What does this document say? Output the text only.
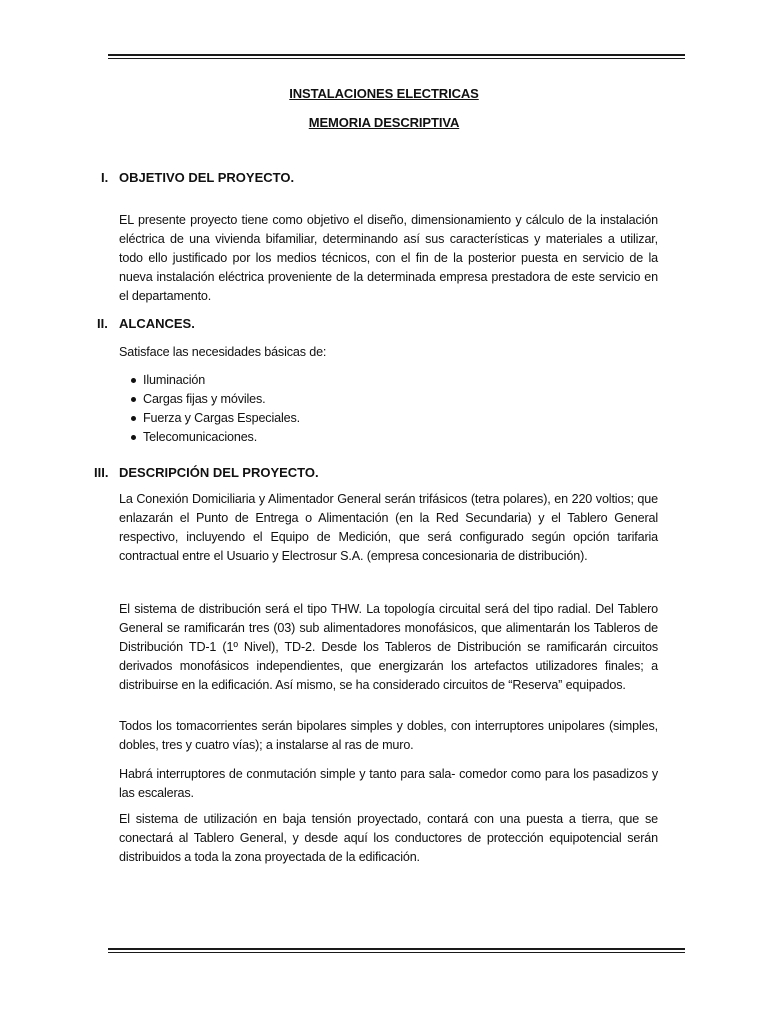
INSTALACIONES ELECTRICAS
MEMORIA DESCRIPTIVA
I. OBJETIVO DEL PROYECTO.
EL presente proyecto tiene como objetivo el diseño, dimensionamiento y cálculo de la instalación eléctrica de una vivienda bifamiliar, determinando así sus características y materiales a utilizar, todo ello justificado por los medios técnicos, con el fin de la posterior puesta en servicio de la nueva instalación eléctrica proveniente de la determinada empresa prestadora de este servicio en el departamento.
II. ALCANCES.
Satisface las necesidades básicas de:
Iluminación
Cargas fijas y móviles.
Fuerza y Cargas Especiales.
Telecomunicaciones.
III. DESCRIPCIÓN DEL PROYECTO.
La Conexión Domiciliaria y Alimentador General serán trifásicos (tetra polares), en 220 voltios; que enlazarán el Punto de Entrega o Alimentación (en la Red Secundaria) y el Tablero General respectivo, incluyendo el Equipo de Medición, que será configurado según opción tarifaria contractual entre el Usuario y Electrosur S.A. (empresa concesionaria de distribución).
El sistema de distribución será el tipo THW. La topología circuital será del tipo radial. Del Tablero General se ramificarán tres (03) sub alimentadores monofásicos, que alimentarán los Tableros de Distribución TD-1 (1º Nivel), TD-2. Desde los Tableros de Distribución se ramificarán circuitos derivados monofásicos independientes, que energizarán los artefactos utilizadores finales; a distribuirse en la edificación. Así mismo, se ha considerado circuitos de “Reserva” equipados.
Todos los tomacorrientes serán bipolares simples y dobles, con interruptores unipolares (simples, dobles, tres y cuatro vías); a instalarse al ras de muro.
Habrá interruptores de conmutación simple y tanto para sala- comedor como para los pasadizos y las escaleras.
El sistema de utilización en baja tensión proyectado, contará con una puesta a tierra, que se conectará al Tablero General, y desde aquí los conductores de protección equipotencial serán distribuidos a toda la zona proyectada de la edificación.
